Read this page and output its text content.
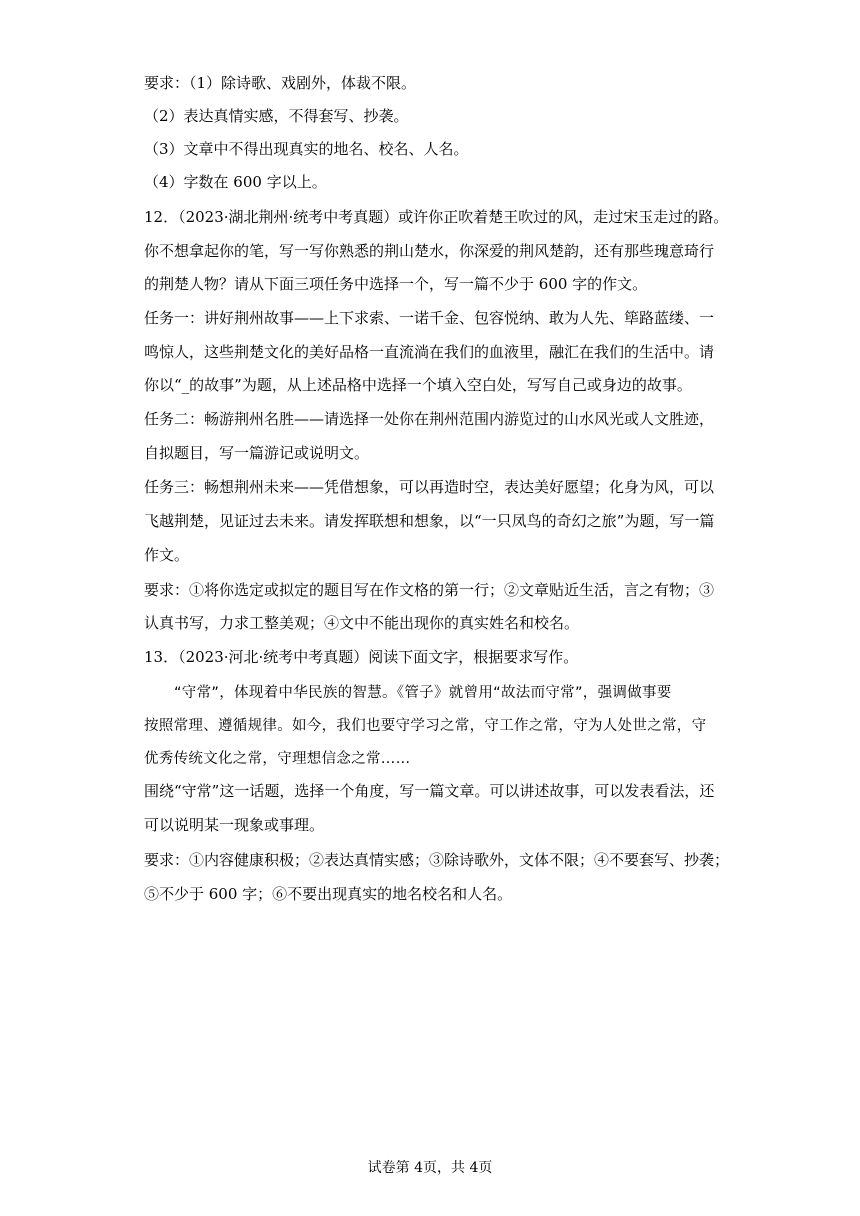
要求：（1）除诗歌、戏剧外，体裁不限。
（2）表达真情实感，不得套写、抄袭。
（3）文章中不得出现真实的地名、校名、人名。
（4）字数在 600 字以上。
12．（2023·湖北荆州·统考中考真题）或许你正吹着楚王吹过的风，走过宋玉走过的路。
你不想拿起你的笔，写一写你熟悉的荆山楚水，你深爱的荆风楚韵，还有那些瑰意琦行
的荆楚人物？请从下面三项任务中选择一个，写一篇不少于 600 字的作文。
任务一：讲好荆州故事——上下求索、一诺千金、包容悦纳、敢为人先、筚路蓝缕、一
鸣惊人，这些荆楚文化的美好品格一直流淌在我们的血液里，融汇在我们的生活中。请
你以“_的故事”为题，从上述品格中选择一个填入空白处，写写自己或身边的故事。
任务二：畅游荆州名胜——请选择一处你在荆州范围内游览过的山水风光或人文胜迹，
自拟题目，写一篇游记或说明文。
任务三：畅想荆州未来——凭借想象，可以再造时空，表达美好愿望；化身为风，可以
飞越荆楚，见证过去未来。请发挥联想和想象，以“一只凤鸟的奇幻之旅”为题，写一篇
作文。
要求：①将你选定或拟定的题目写在作文格的第一行；②文章贴近生活，言之有物；③
认真书写，力求工整美观；④文中不能出现你的真实姓名和校名。
13．（2023·河北·统考中考真题）阅读下面文字，根据要求写作。
“守常”，体现着中华民族的智慧。《管子》就曾用“故法而守常”，强调做事要
按照常理、遵循规律。如今，我们也要守学习之常，守工作之常，守为人处世之常，守
优秀传统文化之常，守理想信念之常……
围绕“守常”这一话题，选择一个角度，写一篇文章。可以讲述故事，可以发表看法，还
可以说明某一现象或事理。
要求：①内容健康积极；②表达真情实感；③除诗歌外，文体不限；④不要套写、抄袭；
⑤不少于 600 字；⑥不要出现真实的地名校名和人名。
试卷第 4页，共 4页
